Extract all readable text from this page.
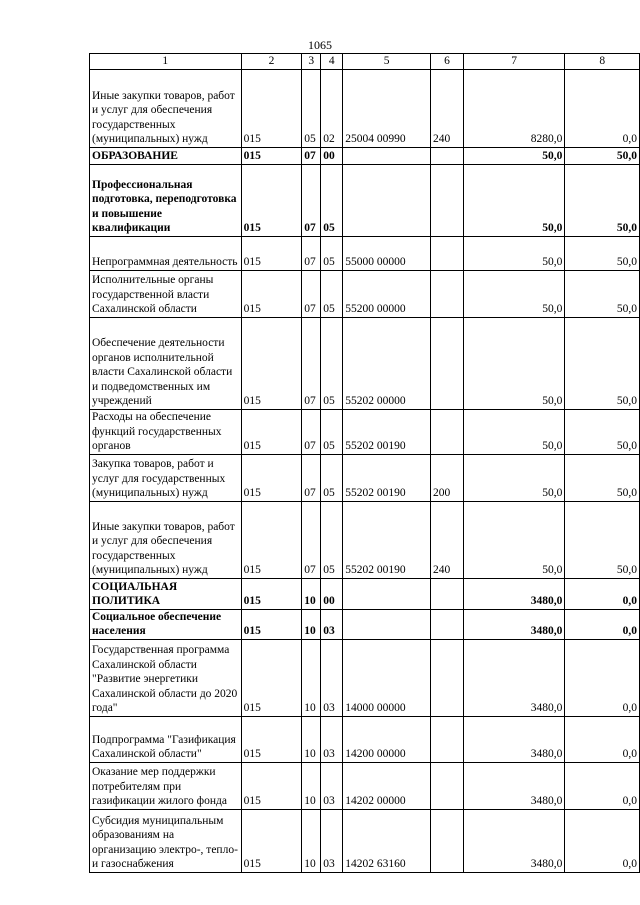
1065
1	2	3	4	5	6	7	8
Иные закупки товаров, работ и услуг для обеспечения государственных (муниципальных) нужд	015	05	02	25004 00990	240	8280,0	0,0
ОБРАЗОВАНИЕ	015	07	00			50,0	50,0
Профессиональная подготовка, переподготовка и повышение квалификации	015	07	05			50,0	50,0
Непрограммная деятельность	015	07	05	55000 00000		50,0	50,0
Исполнительные органы государственной власти Сахалинской области	015	07	05	55200 00000		50,0	50,0
Обеспечение деятельности органов исполнительной власти Сахалинской области и подведомственных им учреждений	015	07	05	55202 00000		50,0	50,0
Расходы на обеспечение функций государственных органов	015	07	05	55202 00190		50,0	50,0
Закупка товаров, работ и услуг для государственных (муниципальных) нужд	015	07	05	55202 00190	200	50,0	50,0
Иные закупки товаров, работ и услуг для обеспечения государственных (муниципальных) нужд	015	07	05	55202 00190	240	50,0	50,0
СОЦИАЛЬНАЯ ПОЛИТИКА	015	10	00			3480,0	0,0
Социальное обеспечение населения	015	10	03			3480,0	0,0
Государственная программа Сахалинской области "Развитие энергетики Сахалинской области до 2020 года"	015	10	03	14000 00000		3480,0	0,0
Подпрограмма "Газификация Сахалинской области"	015	10	03	14200 00000		3480,0	0,0
Оказание мер поддержки потребителям при газификации жилого фонда	015	10	03	14202 00000		3480,0	0,0
Субсидия муниципальным образованиям на организацию электро-, тепло- и газоснабжения	015	10	03	14202 63160		3480,0	0,0
